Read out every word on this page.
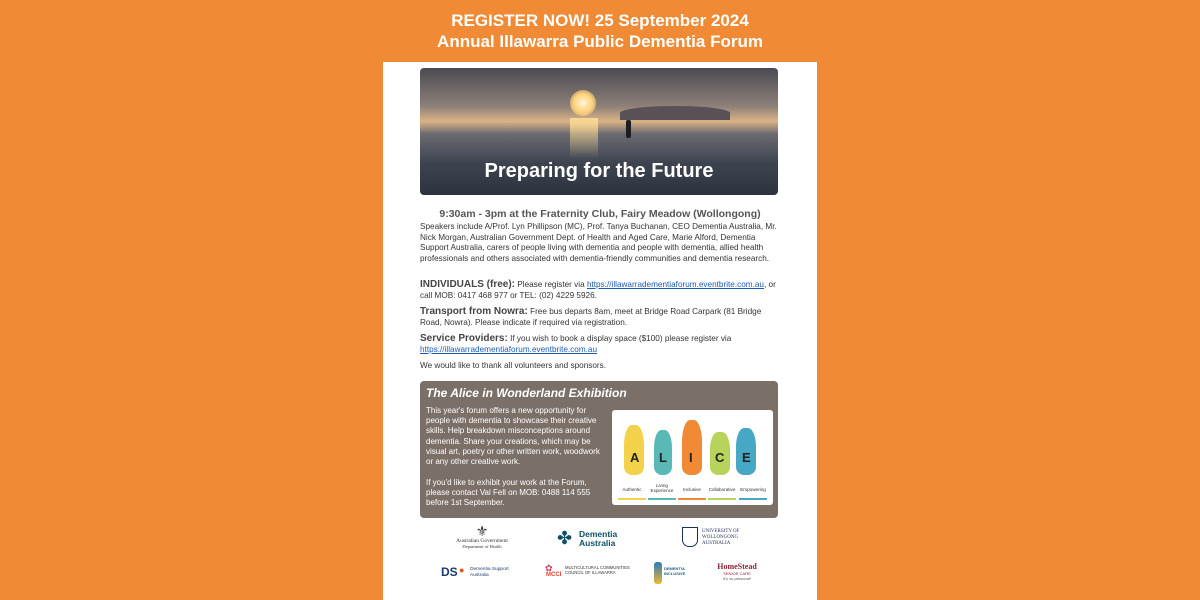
REGISTER NOW! 25 September 2024
Annual Illawarra Public Dementia Forum
Preparing for the Future
9:30am - 3pm at the Fraternity Club, Fairy Meadow (Wollongong)
Speakers include A/Prof. Lyn Phillipson (MC), Prof. Tanya Buchanan, CEO Dementia Australia, Mr. Nick Morgan, Australian Government Dept. of Health and Aged Care, Marie Alford, Dementia Support Australia, carers of people living with dementia and people with dementia, allied health professionals and others associated with dementia-friendly communities and dementia research.
INDIVIDUALS (free): Please register via https://illawarradementiaforum.eventbrite.com.au, or call MOB: 0417 468 977 or TEL: (02) 4229 5926.
Transport from Nowra: Free bus departs 8am, meet at Bridge Road Carpark (81 Bridge Road, Nowra). Please indicate if required via registration.
Service Providers: If you wish to book a display space ($100) please register via https://illawarradementiaforum.eventbrite.com.au
We would like to thank all volunteers and sponsors.
The Alice in Wonderland Exhibition
This year's forum offers a new opportunity for people with dementia to showcase their creative skills. Help breakdown misconceptions around dementia. Share your creations, which may be visual art, poetry or other written work, woodwork or any other creative work.
If you'd like to exhibit your work at the Forum, please contact Val Fell on MOB: 0488 114 555 before 1st September.
A L I C E
Authentic
Living Experience	Inclusive	Collaborative	Empowering
⚜
Australian Government
Department of Health	✤ Dementia Australia
UNIVERSITY OF WOLLONGONG AUSTRALIA
DS ● Dementia Support Australia
✿
MCCI
MULTICULTURAL COMMUNITIES COUNCIL OF ILLAWARRA
DEMENTIA INCLUSIVE
HomeStead
SENIOR CARE
It's so personal!
